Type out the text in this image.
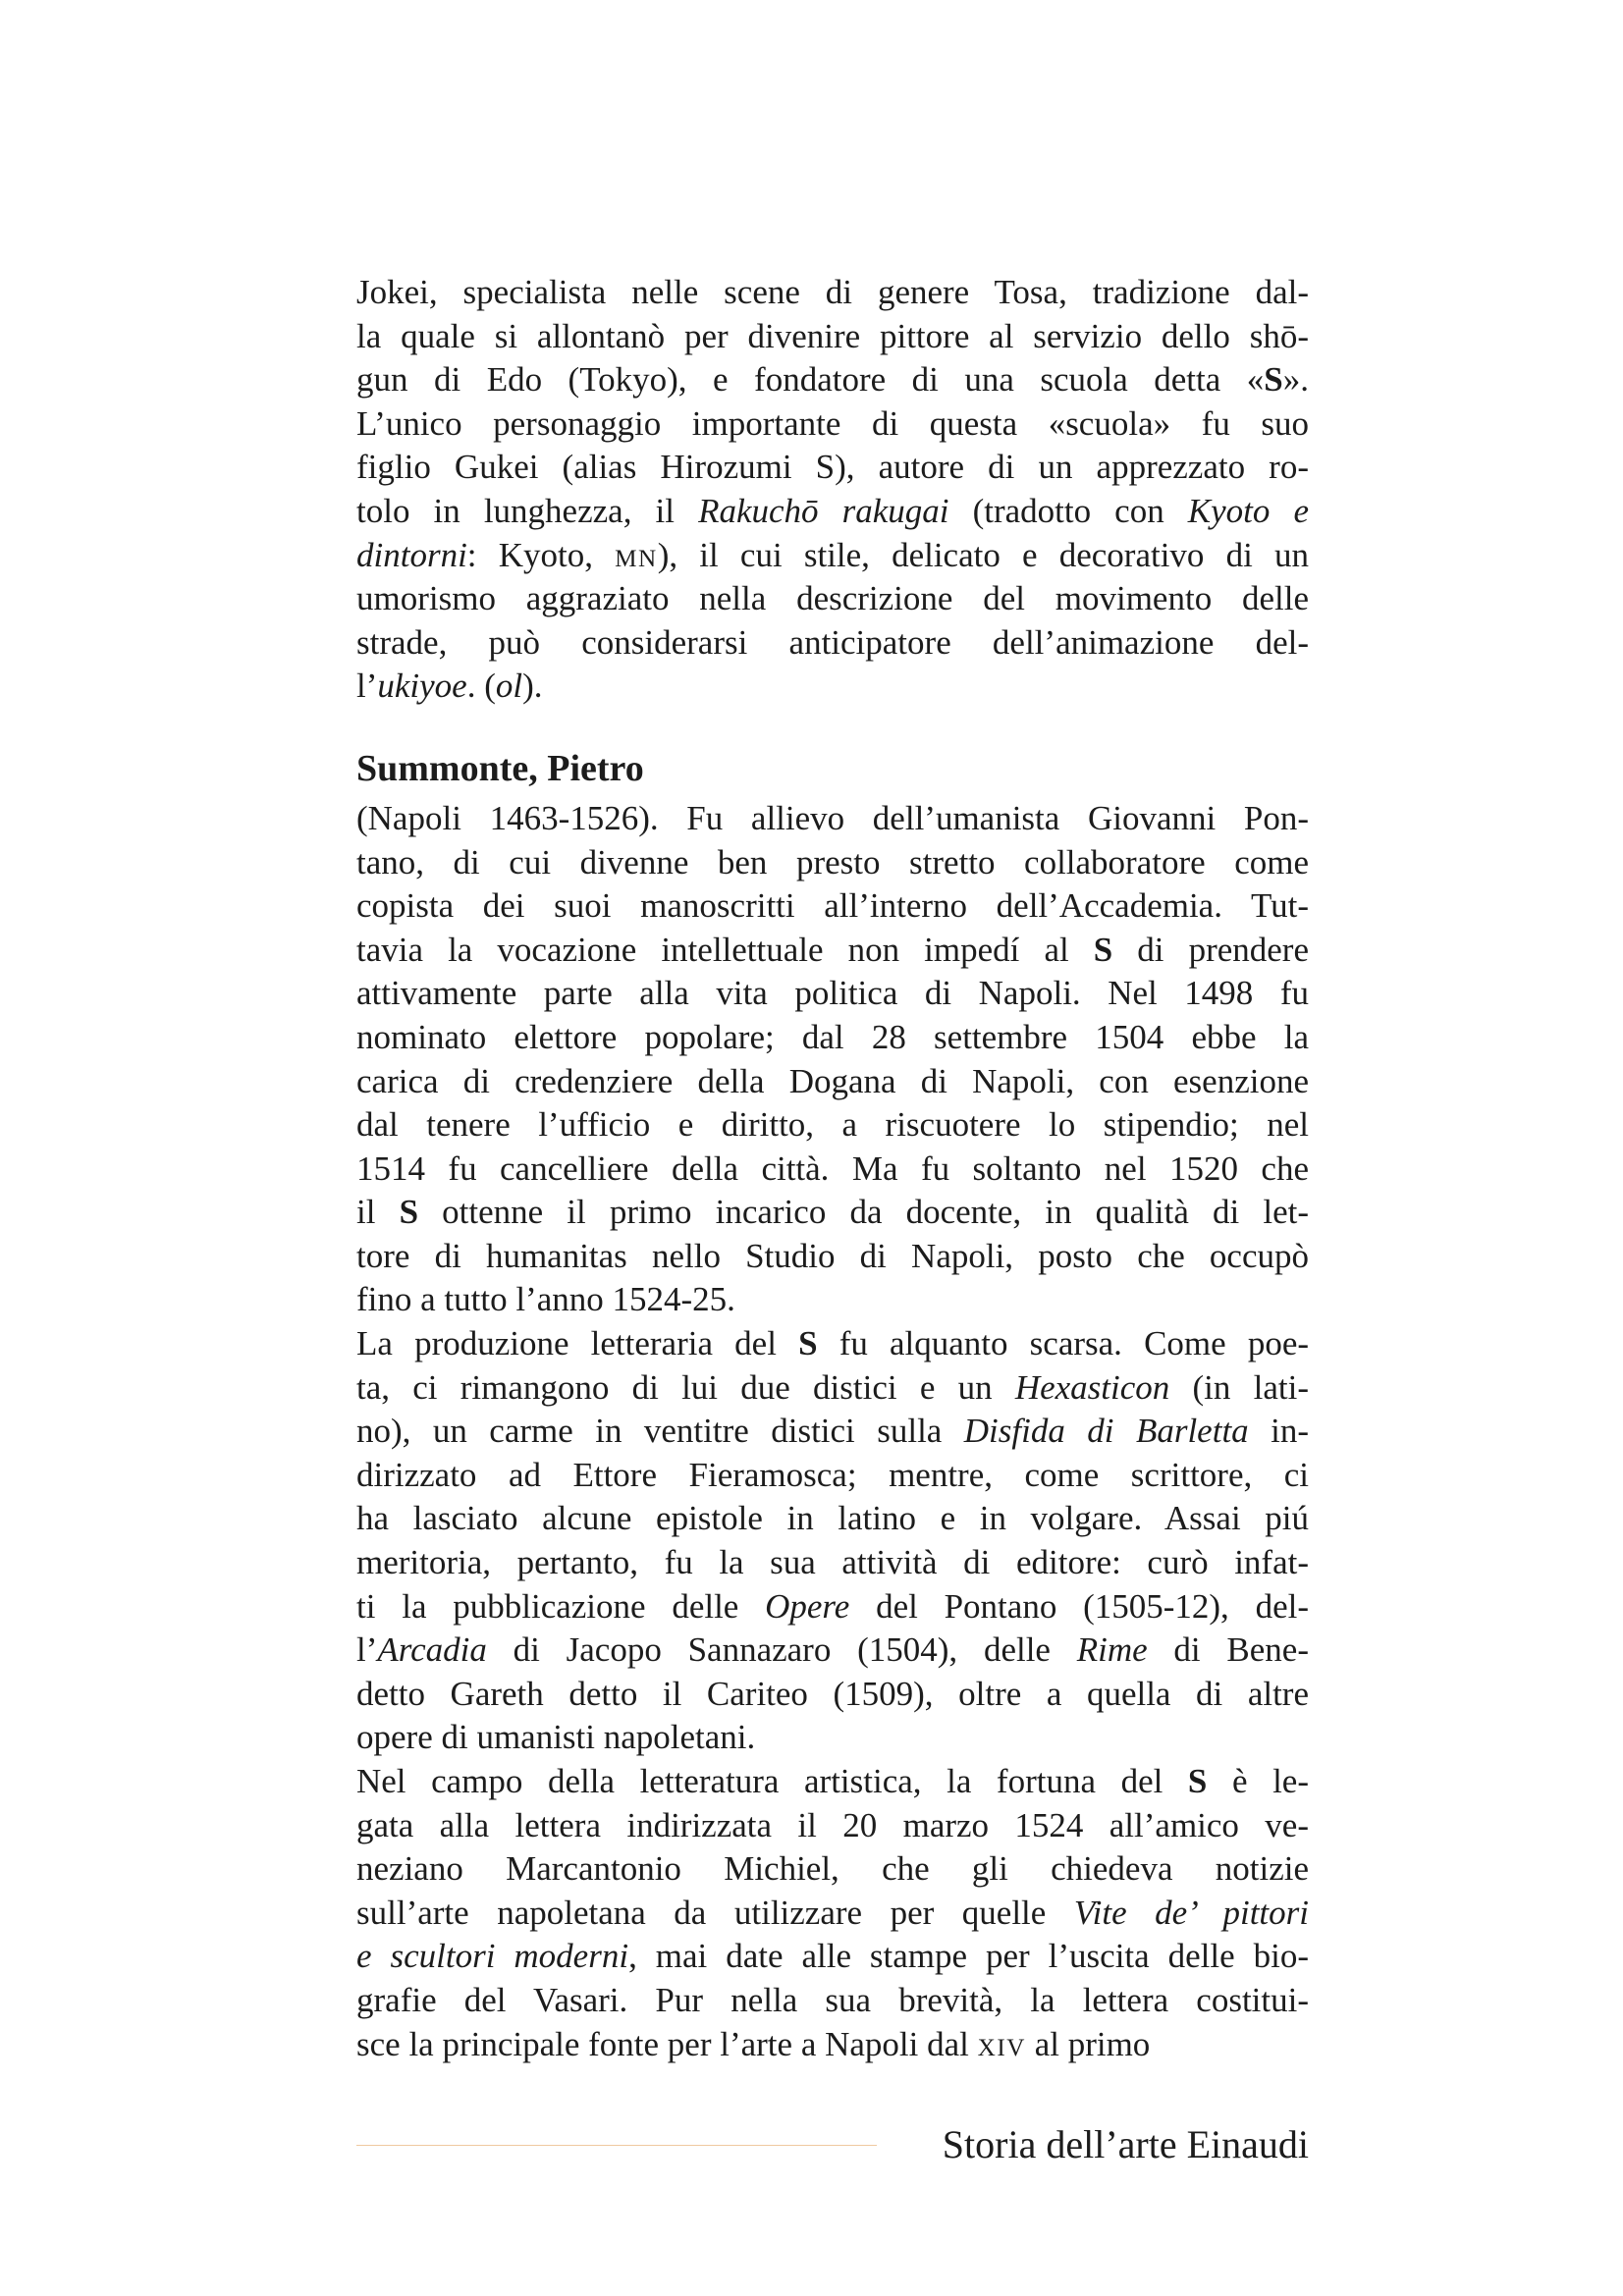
Jokei, specialista nelle scene di genere Tosa, tradizione dal-
la quale si allontanò per divenire pittore al servizio dello shō-
gun di Edo (Tokyo), e fondatore di una scuola detta «S».
L’unico personaggio importante di questa «scuola» fu suo
figlio Gukei (alias Hirozumi S), autore di un apprezzato ro-
tolo in lunghezza, il Rakuchō rakugai (tradotto con Kyoto e
dintorni: Kyoto, MN), il cui stile, delicato e decorativo di un
umorismo aggraziato nella descrizione del movimento delle
strade, può considerarsi anticipatore dell’animazione del-
l’ukiyoe. (ol).
Summonte, Pietro
(Napoli 1463-1526). Fu allievo dell’umanista Giovanni Pon-
tano, di cui divenne ben presto stretto collaboratore come
copista dei suoi manoscritti all’interno dell’Accademia. Tut-
tavia la vocazione intellettuale non impedí al S di prendere
attivamente parte alla vita politica di Napoli. Nel 1498 fu
nominato elettore popolare; dal 28 settembre 1504 ebbe la
carica di credenziere della Dogana di Napoli, con esenzione
dal tenere l’ufficio e diritto, a riscuotere lo stipendio; nel
1514 fu cancelliere della città. Ma fu soltanto nel 1520 che
il S ottenne il primo incarico da docente, in qualità di let-
tore di humanitas nello Studio di Napoli, posto che occupò
fino a tutto l’anno 1524-25.
La produzione letteraria del S fu alquanto scarsa. Come poe-
ta, ci rimangono di lui due distici e un Hexasticon (in lati-
no), un carme in ventitre distici sulla Disfida di Barletta in-
dirizzato ad Ettore Fieramosca; mentre, come scrittore, ci
ha lasciato alcune epistole in latino e in volgare. Assai piú
meritoria, pertanto, fu la sua attività di editore: curò infat-
ti la pubblicazione delle Opere del Pontano (1505-12), del-
l’Arcadia di Jacopo Sannazaro (1504), delle Rime di Bene-
detto Gareth detto il Cariteo (1509), oltre a quella di altre
opere di umanisti napoletani.
Nel campo della letteratura artistica, la fortuna del S è le-
gata alla lettera indirizzata il 20 marzo 1524 all’amico ve-
neziano Marcantonio Michiel, che gli chiedeva notizie
sull’arte napoletana da utilizzare per quelle Vite de’ pittori
e scultori moderni, mai date alle stampe per l’uscita delle bio-
grafie del Vasari. Pur nella sua brevità, la lettera costitui-
sce la principale fonte per l’arte a Napoli dal XIV al primo
Storia dell’arte Einaudi
